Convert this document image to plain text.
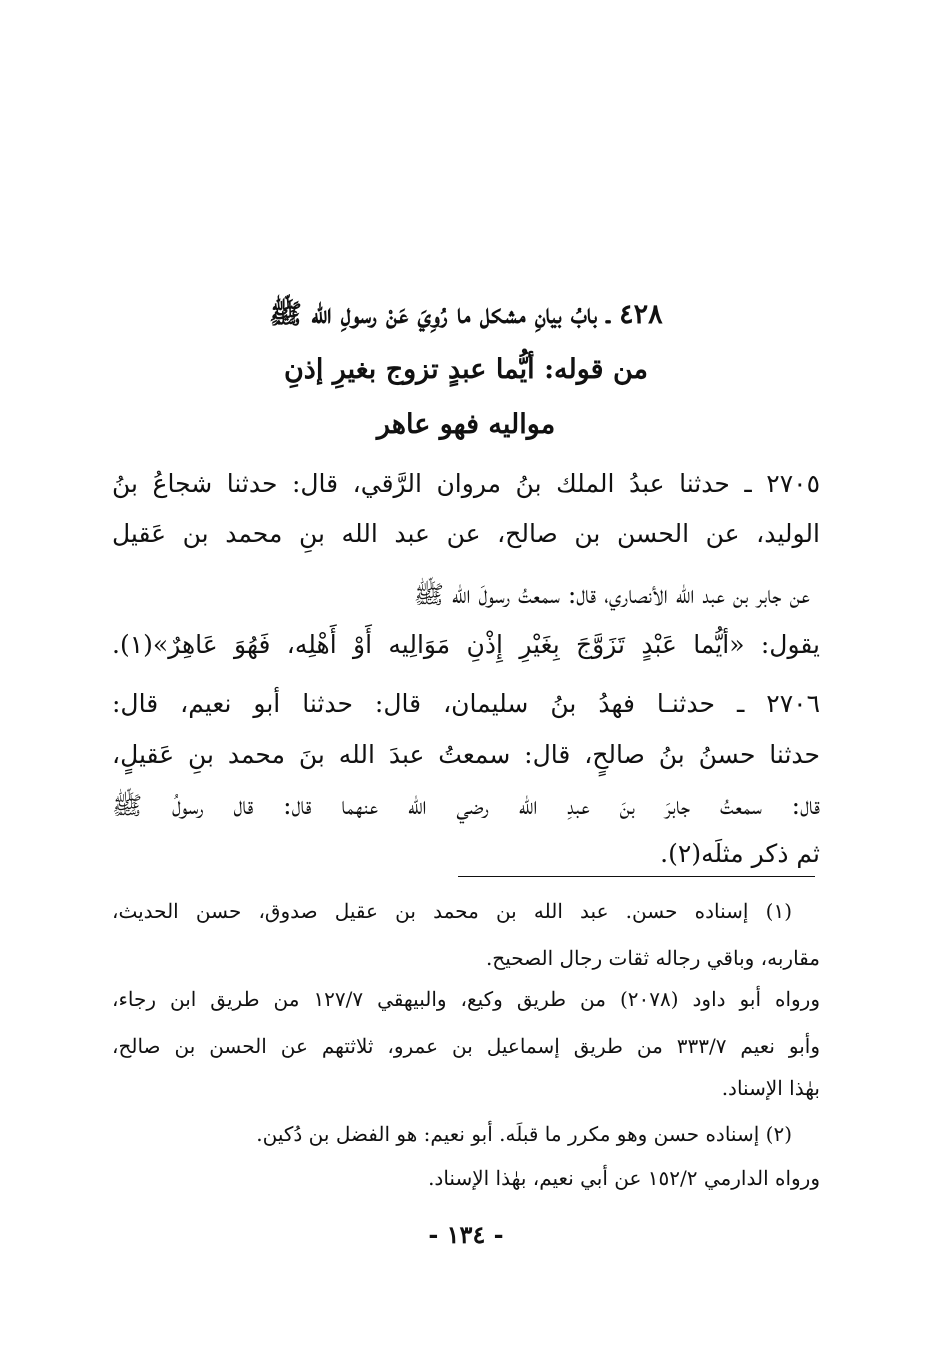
٤٢٨ ـ بابُ بيانِ مشكل ما رُوِيَ عَنْ رسولِ الله ﷺ
من قوله: أيُّما عبدٍ تزوج بغيرِ إذنِ
مواليه فهو عاهر
٢٧٠٥ ـ حدثنا عبدُ الملك بنُ مروان الرَّقي، قال: حدثنا شجاعُ بنُ
الوليد، عن الحسن بن صالح، عن عبد الله بنِ محمد بن عَقيل
عن جابر بن عبد الله الأنصاري، قال: سمعتُ رسولَ الله ﷺ
يقول: «أيُّما عَبْدٍ تَزَوَّجَ بِغَيْرِ إِذْنِ مَوَالِيه أَوْ أَهْلِه، فَهُوَ عَاهِرٌ»(١).
٢٧٠٦ ـ حدثنـا فهدُ بنُ سليمان، قال: حدثنا أبو نعيم، قال:
حدثنا حسنُ بنُ صالحٍ، قال: سمعتُ عبدَ الله بنَ محمد بنِ عَقيلٍ،
قال: سمعتُ جابرَ بنَ عبدِ الله رضي الله عنهما قال: قال رسولُ ﷺ
ثم ذكر مثلَه(٢).
(١) إسناده حسن. عبد الله بن محمد بن عقيل صدوق، حسن الحديث،
مقاربه، وباقي رجاله ثقات رجال الصحيح.
ورواه أبو داود (٢٠٧٨) من طريق وكيع، والبيهقي ١٢٧/٧ من طريق ابن رجاء،
وأبو نعيم ٣٣٣/٧ من طريق إسماعيل بن عمرو، ثلاثتهم عن الحسن بن صالح،
بهٰذا الإسناد.
(٢) إسناده حسن وهو مكرر ما قبلَه. أبو نعيم: هو الفضل بن دُكين.
ورواه الدارمي ١٥٢/٢ عن أبي نعيم، بهٰذا الإسناد.
- ١٣٤ -
